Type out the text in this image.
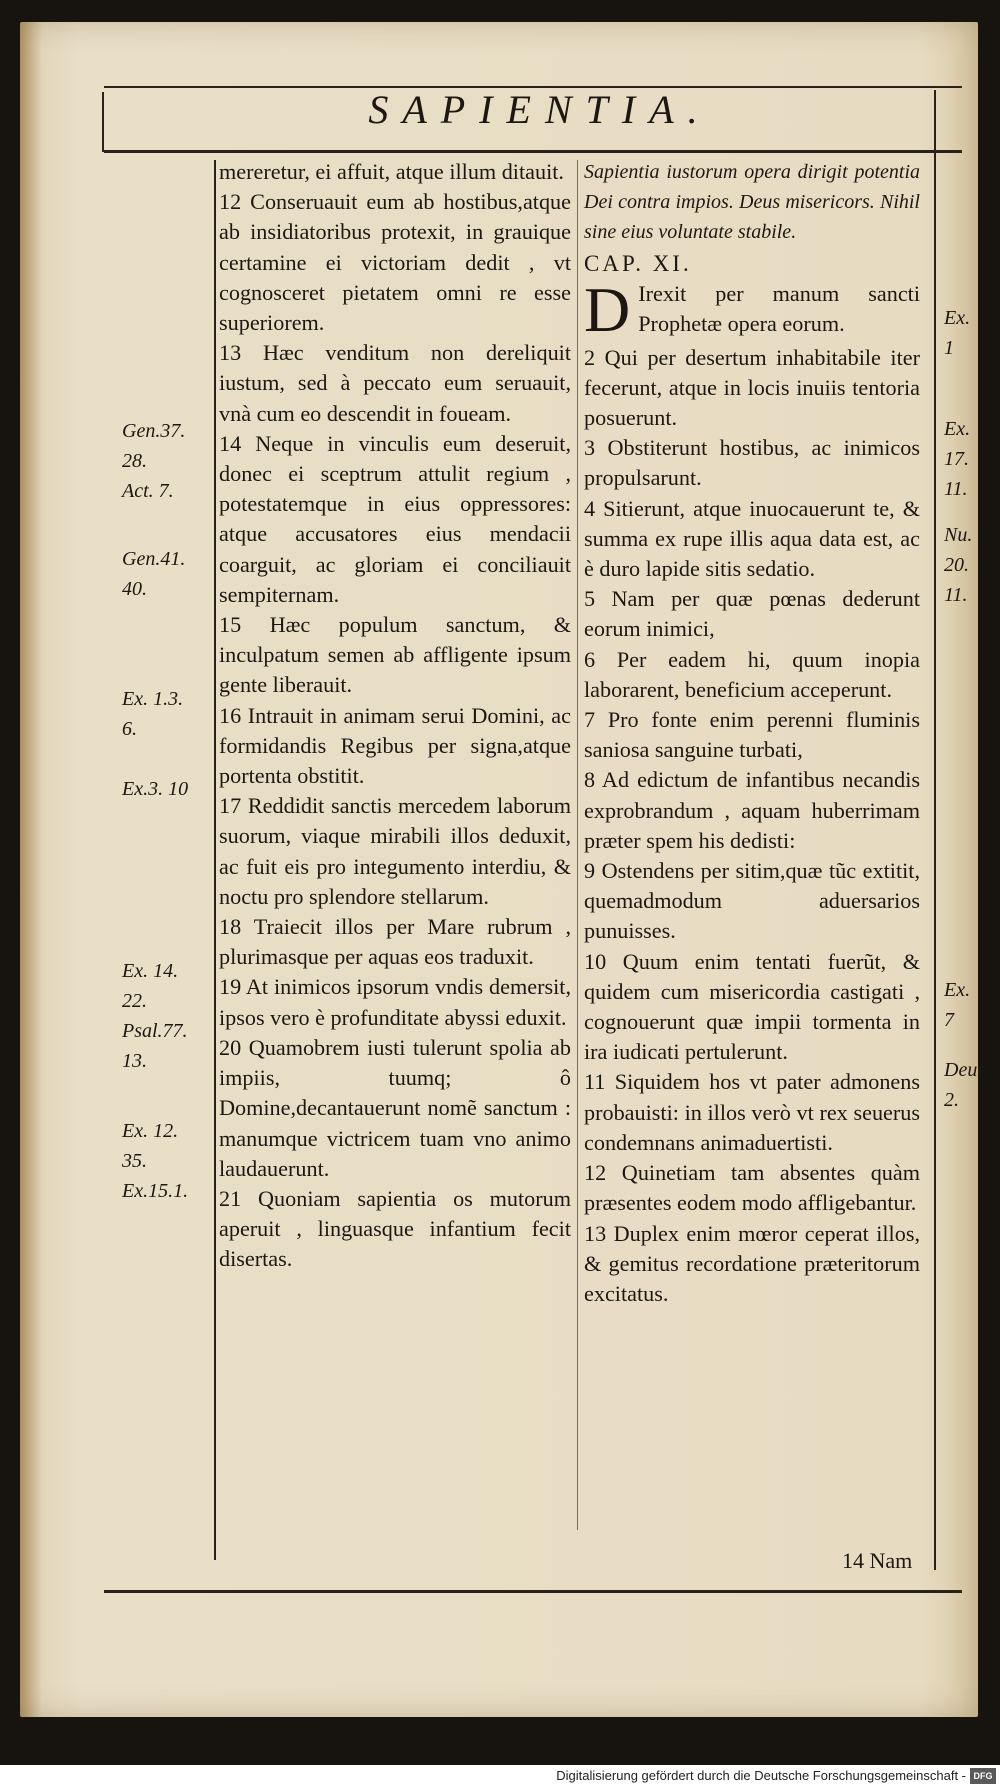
SAPIENTIA.

mereretur, ei affuit, atque illum ditauit.

12 Conseruauit eum ab hostibus,atque ab insidiatoribus protexit, in grauique certamine ei victoriam dedit , vt cognosceret pietatem omni re esse superiorem.

13 Hæc venditum non dereliquit iustum, sed à peccato eum seruauit, vnà cum eo descendit in foueam.

14 Neque in vinculis eum deseruit, donec ei sceptrum attulit regium , potestatemque in eius oppressores: atque accusatores eius mendacii coarguit, ac gloriam ei conciliauit sempiternam.

15 Hæc populum sanctum, & inculpatum semen ab affligente ipsum gente liberauit.

16 Intrauit in animam serui Domini, ac formidandis Regibus per signa,atque portenta obstitit.

17 Reddidit sanctis mercedem laborum suorum, viaque mirabili illos deduxit, ac fuit eis pro integumento interdiu, & noctu pro splendore stellarum.

18 Traiecit illos per Mare rubrum , plurimasque per aquas eos traduxit.

19 At inimicos ipsorum vndis demersit, ipsos vero è profunditate abyssi eduxit.

20 Quamobrem iusti tulerunt spolia ab impiis, tuumq; ô Domine,decantauerunt nomẽ sanctum : manumque victricem tuam vno animo laudauerunt.

21 Quoniam sapientia os mutorum aperuit , linguasque infantium fecit disertas.

Sapientia iustorum opera dirigit potentia Dei contra impios. Deus misericors. Nihil sine eius voluntate stabile.

CAP. XI.

D Irexit per manum sancti Prophetæ opera eorum.

2 Qui per desertum inhabitabile iter fecerunt, atque in locis inuiis tentoria posuerunt.

3 Obstiterunt hostibus, ac inimicos propulsarunt.

4 Sitierunt, atque inuocauerunt te, & summa ex rupe illis aqua data est, ac è duro lapide sitis sedatio.

5 Nam per quæ pœnas dederunt eorum inimici,

6 Per eadem hi, quum inopia laborarent, beneficium acceperunt.

7 Pro fonte enim perenni fluminis saniosa sanguine turbati,

8 Ad edictum de infantibus necandis exprobrandum , aquam huberrimam præter spem his dedisti:

9 Ostendens per sitim,quæ tũc extitit, quemadmodum aduersarios punuisses.

10 Quum enim tentati fuerũt, & quidem cum misericordia castigati , cognouerunt quæ impii tormenta in ira iudicati pertulerunt.

11 Siquidem hos vt pater admonens probauisti: in illos verò vt rex seuerus condemnans animaduertisti.

12 Quinetiam tam absentes quàm præsentes eodem modo affligebantur.

13 Duplex enim mœror ceperat illos, & gemitus recordatione præteritorum excitatus.

Gen.37.
28.
Act. 7.
Gen.41.
40.
Ex. 1.3.
6.
Ex.3. 10
Ex. 14.
22.
Psal.77.
13.
Ex. 12.
35.
Ex.15.1.
Ex. 1
Ex. 17.
11.
Nu. 20.
11.
Ex. 7
Deut
2.
14 Nam
Digitalisierung gefördert durch die Deutsche Forschungsgemeinschaft - DFG
